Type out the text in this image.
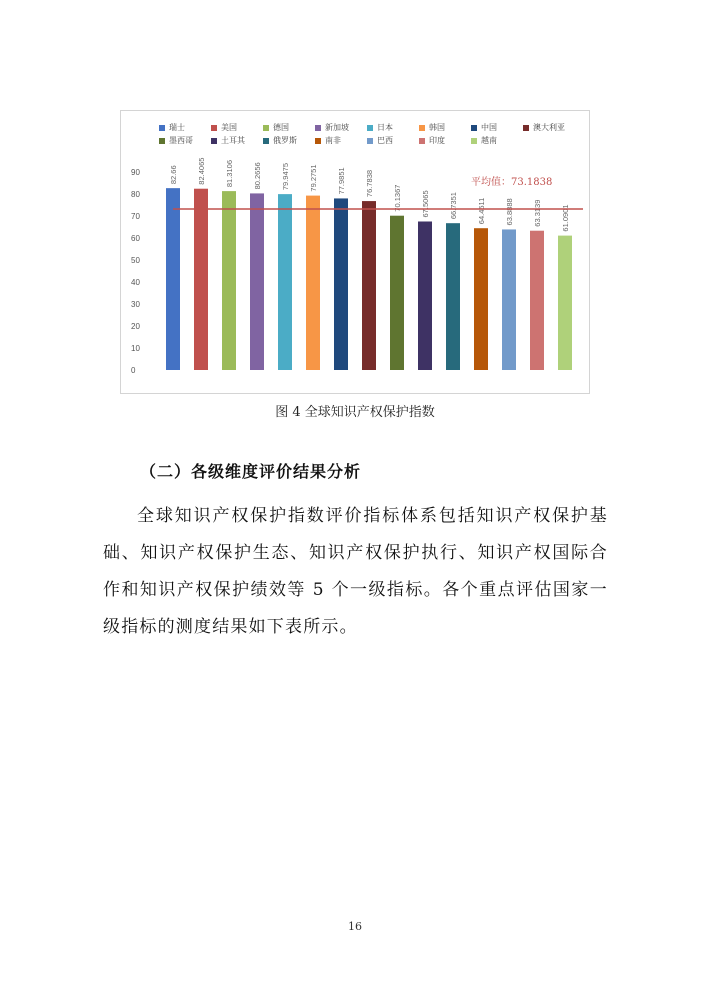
瑞士	美国	德国	新加坡	日本	韩国	中国	澳大利亚
墨西哥	土耳其	俄罗斯	南非	巴西	印度	越南
0
10
20
30
40
50
60
70
80
90	82.66	82.4065	81.3106	80.2656	79.9475	79.2751	77.9851	76.7838
70.1367	67.5065	66.7351	64.4511	63.8888	63.3139	61.0901
平均值：73.1838
图 4 全球知识产权保护指数
（二）各级维度评价结果分析

全球知识产权保护指数评价指标体系包括知识产权保护基础、知识产权保护生态、知识产权保护执行、知识产权国际合作和知识产权保护绩效等 5 个一级指标。各个重点评估国家一级指标的测度结果如下表所示。

16
